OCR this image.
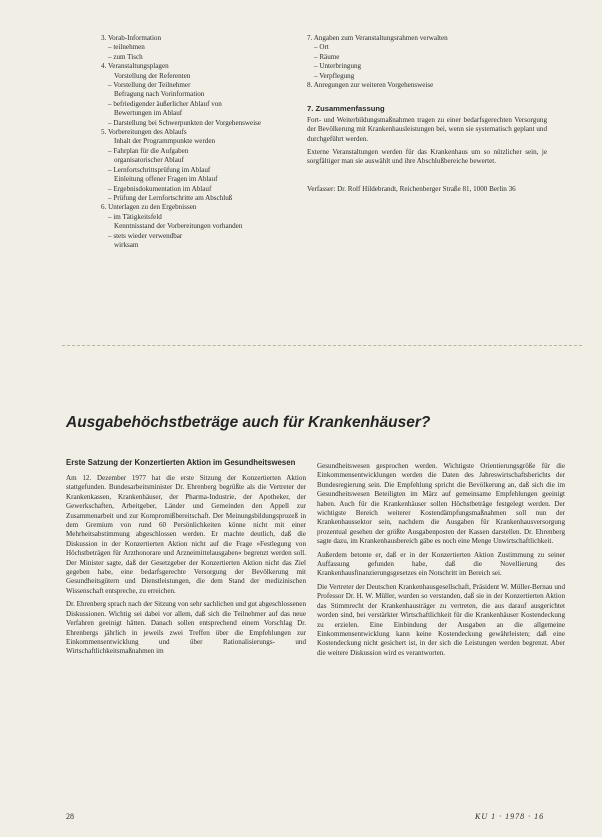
3. Vorab-Information
– teilnehmen
– zum Tisch
4. Veranstaltungsplagen
Vorstellung der Referenten
– Vorstellung der Teilnehmer
Befragung nach Vorinformation
– befriedigender äußerlicher Ablauf von
Bewertungen im Ablauf
– Darstellung bei Schwerpunkten der Vorgehensweise
5. Vorbereitungen des Ablaufs
Inhalt der Programmpunkte werden
– Fahrplan für die Aufgaben
organisatorischer Ablauf
– Lernfortschrittsprüfung im Ablauf
Einleitung offener Fragen im Ablauf
– Ergebnisdokumentation im Ablauf
– Prüfung der Lernfortschritte am Abschluß
6. Unterlagen zu den Ergebnissen
– im Tätigkeitsfeld
Kenntnisstand der Vorbereitungen vorhanden
– stets wieder verwendbar
wirksam
7. Angaben zum Veranstaltungsrahmen verwalten
– Ort
– Räume
– Unterbringung
– Verpflegung
8. Anregungen zur weiteren Vorgehensweise
7. Zusammenfassung

Fort- und Weiterbildungsmaßnahmen tragen zu einer bedarfsgerechten Versorgung der Bevölkerung mit Krankenhausleistungen bei, wenn sie systematisch geplant und durchgeführt werden.

Externe Veranstaltungen werden für das Krankenhaus um so nützlicher sein, je sorgfältiger man sie auswählt und ihre Abschlußbereiche bewertet.

Verfasser: Dr. Rolf Hildebrandt, Reichenberger Straße 81, 1000 Berlin 36
Ausgabehöchstbeträge auch für Krankenhäuser?
Erste Satzung der Konzertierten Aktion im Gesundheitswesen

Am 12. Dezember 1977 hat die erste Sitzung der Konzertierten Aktion stattgefunden. Bundesarbeitsminister Dr. Ehrenberg begrüßte als die Vertreter der Krankenkassen, Krankenhäuser, der Pharma-Industrie, der Apotheker, der Gewerkschaften, Arbeitgeber, Länder und Gemeinden den Appell zur Zusammenarbeit und zur Kompromißbereitschaft. Der Meinungsbildungsprozeß in dem Gremium von rund 60 Persönlichkeiten könne nicht mit einer Mehrheitsabstimmung abgeschlossen werden. Er machte deutlich, daß die Diskussion in der Konzertierten Aktion nicht auf die Frage »Festlegung von Höchstbeträgen für Arzthonorare und Arzneimittelausgaben« begrenzt werden soll. Der Minister sagte, daß der Gesetzgeber der Konzertierten Aktion nicht das Ziel gegeben habe, eine bedarfsgerechte Versorgung der Bevölkerung mit Gesundheitsgütern und Dienstleistungen, die dem Stand der medizinischen Wissenschaft entspreche, zu erreichen.

Dr. Ehrenberg sprach nach der Sitzung von sehr sachlichen und gut abgeschlossenen Diskussionen. Wichtig sei dabei vor allem, daß sich die Teilnehmer auf das neue Verfahren geeinigt hätten. Danach sollen entsprechend einem Vorschlag Dr. Ehrenbergs jährlich in jeweils zwei Treffen über die Empfehlungen zur Einkommensentwicklung und über Rationalisierungs- und Wirtschaftlichkeitsmaßnahmen im

Gesundheitswesen gesprochen werden. Wichtigste Orientierungsgröße für die Einkommensentwicklungen werden die Daten des Jahreswirtschaftsberichts der Bundesregierung sein. Die Empfehlung spricht die Bevölkerung an, daß sich die im Gesundheitswesen Beteiligten im März auf gemeinsame Empfehlungen geeinigt haben. Auch für die Krankenhäuser sollen Höchstbeträge festgelegt werden. Der wichtigste Bereich weiterer Kostendämpfungsmaßnahmen soll nun der Krankenhaussektor sein, nachdem die Ausgaben für Krankenhausversorgung prozentual gesehen der größte Ausgabenposten der Kassen darstellen. Dr. Ehrenberg sagte dazu, im Krankenhausbereich gäbe es noch eine Menge Unwirtschaftlichkeit.

Außerdem betonte er, daß er in der Konzertierten Aktion Zustimmung zu seiner Auffassung gefunden habe, daß die Novellierung des Krankenhausfinanzierungsgesetzes ein Notschritt im Bereich sei.

Die Vertreter der Deutschen Krankenhausgesellschaft, Präsident W. Müller-Bernau und Professor Dr. H. W. Müller, wurden so verstanden, daß sie in der Konzertierten Aktion das Stimmrecht der Krankenhausträger zu vertreten, die aus darauf ausgerichtet worden sind, bei verstärkter Wirtschaftlichkeit für die Krankenhäuser Kostendeckung zu erzielen. Eine Einbindung der Ausgaben an die allgemeine Einkommensentwicklung kann keine Kostendeckung gewährleisten; daß eine Kostendeckung nicht gesichert ist, in der sich die Leistungen werden begrenzt. Aber die weitere Diskussion wird es verantworten.

28	KU 1 · 1978 · 16
